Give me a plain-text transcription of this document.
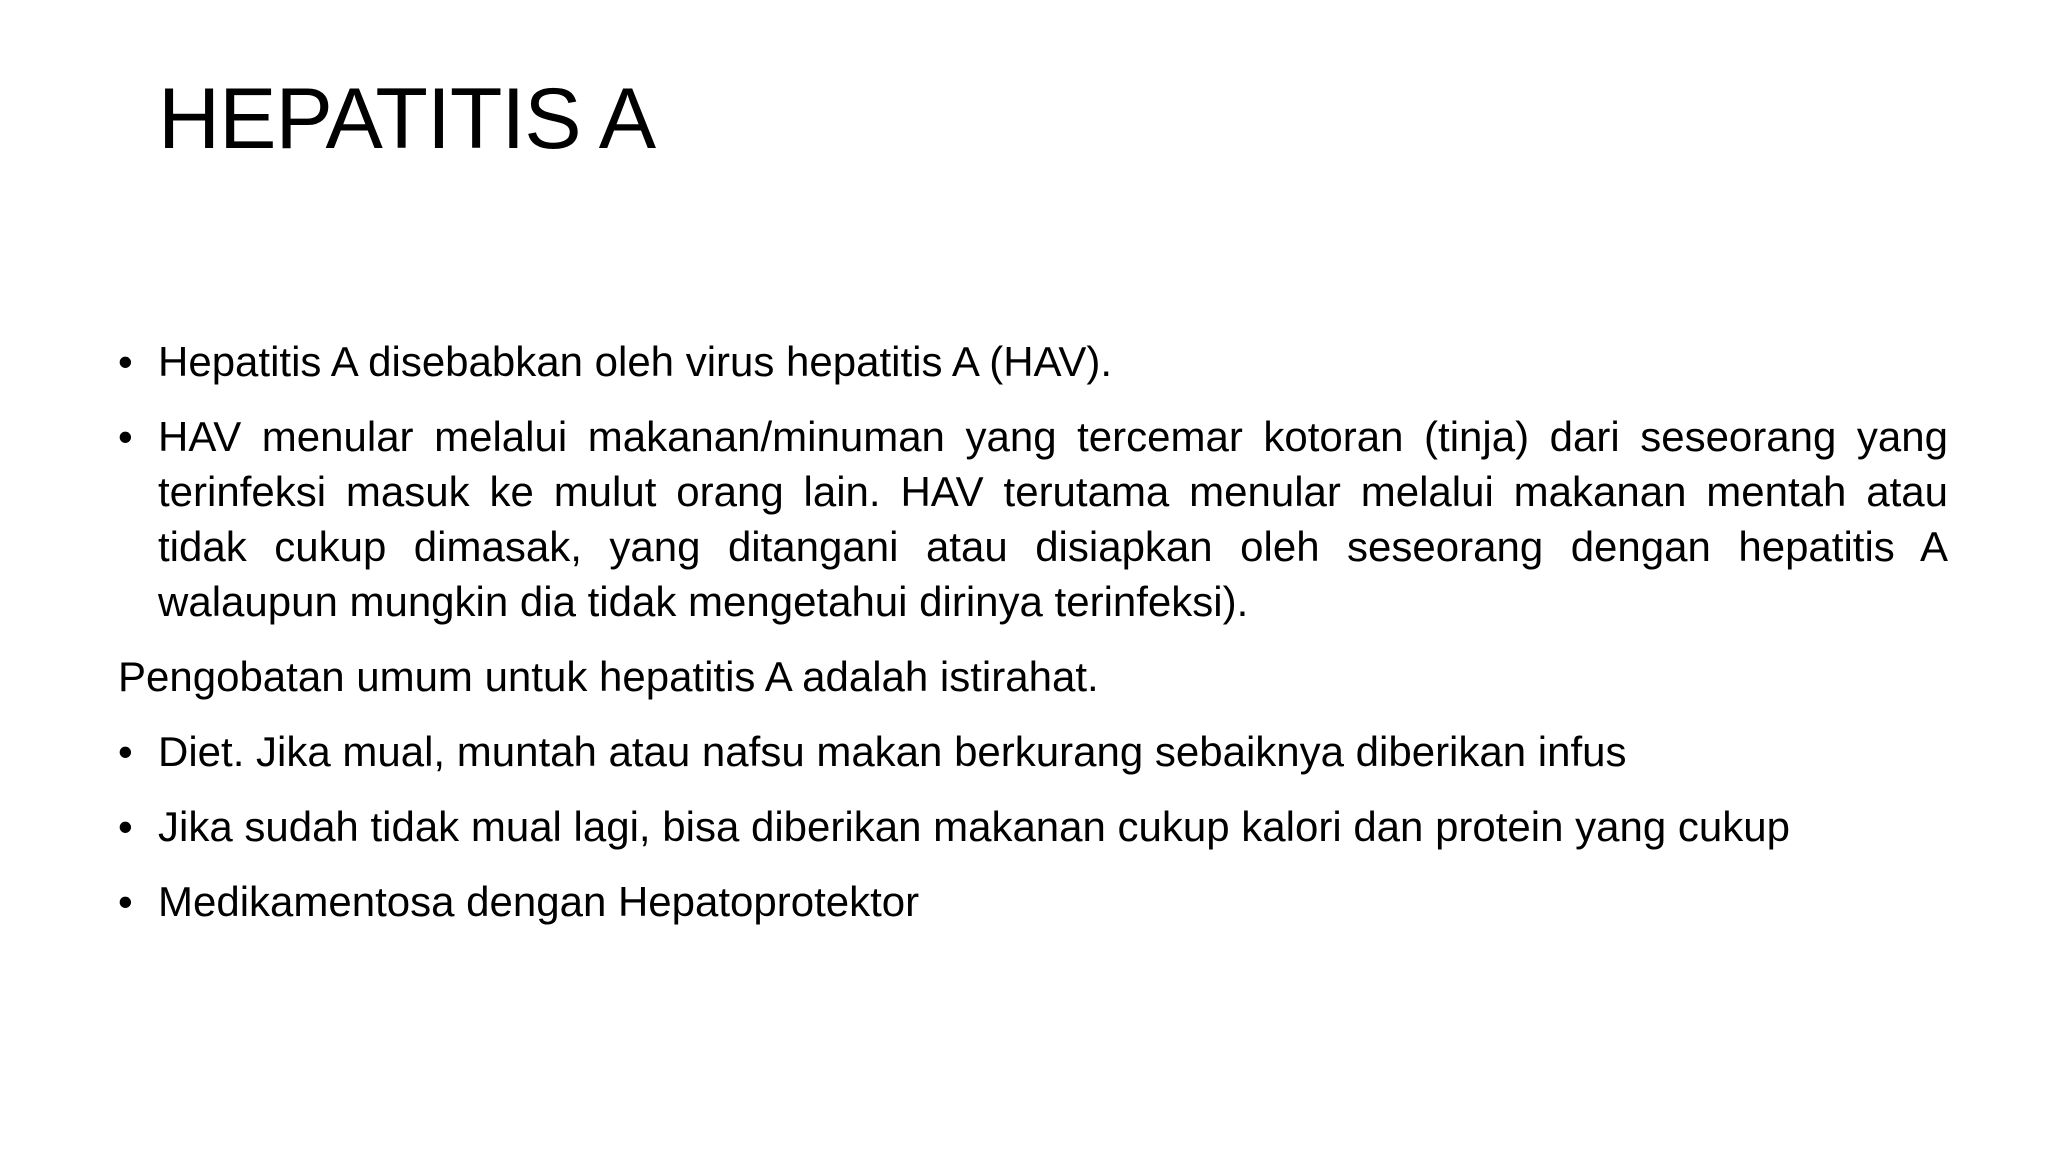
HEPATITIS A
• Hepatitis A disebabkan oleh virus hepatitis A (HAV).
• HAV menular melalui makanan/minuman yang tercemar kotoran (tinja) dari seseorang yang terinfeksi masuk ke mulut orang lain. HAV terutama menular melalui makanan mentah atau tidak cukup dimasak, yang ditangani atau disiapkan oleh seseorang dengan hepatitis A walaupun mungkin dia tidak mengetahui dirinya terinfeksi).
Pengobatan umum untuk hepatitis A adalah istirahat.
• Diet. Jika mual, muntah atau nafsu makan berkurang sebaiknya diberikan infus
• Jika sudah tidak mual lagi, bisa diberikan makanan cukup kalori dan protein yang cukup
• Medikamentosa dengan Hepatoprotektor
